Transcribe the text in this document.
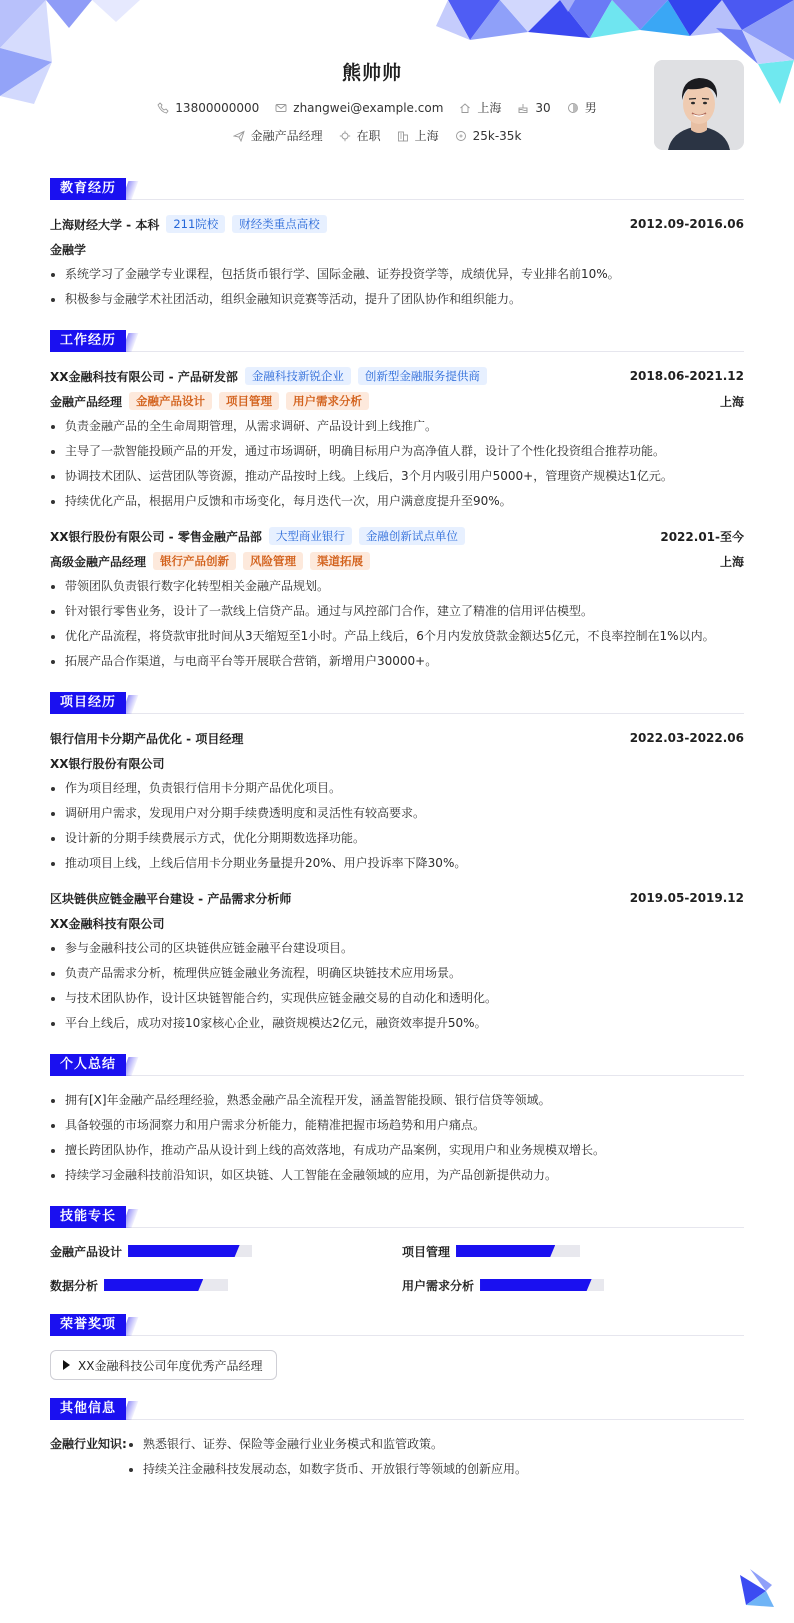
熊帅帅
13800000000	zhangwei@example.com	上海	30	男
金融产品经理	在职	上海	25k-35k
教育经历
上海财经大学 - 本科	211院校	财经类重点高校	2012.09-2016.06
金融学
系统学习了金融学专业课程，包括货币银行学、国际金融、证券投资学等，成绩优异，专业排名前10%。
积极参与金融学术社团活动，组织金融知识竞赛等活动，提升了团队协作和组织能力。
工作经历
XX金融科技有限公司 - 产品研发部	金融科技新锐企业	创新型金融服务提供商	2018.06-2021.12
金融产品经理	金融产品设计	项目管理	用户需求分析	上海
负责金融产品的全生命周期管理，从需求调研、产品设计到上线推广。
主导了一款智能投顾产品的开发，通过市场调研，明确目标用户为高净值人群，设计了个性化投资组合推荐功能。
协调技术团队、运营团队等资源，推动产品按时上线。上线后，3个月内吸引用户5000+，管理资产规模达1亿元。
持续优化产品，根据用户反馈和市场变化，每月迭代一次，用户满意度提升至90%。
XX银行股份有限公司 - 零售金融产品部	大型商业银行	金融创新试点单位	2022.01-至今
高级金融产品经理	银行产品创新	风险管理	渠道拓展	上海
带领团队负责银行数字化转型相关金融产品规划。
针对银行零售业务，设计了一款线上信贷产品。通过与风控部门合作，建立了精准的信用评估模型。
优化产品流程，将贷款审批时间从3天缩短至1小时。产品上线后，6个月内发放贷款金额达5亿元，不良率控制在1%以内。
拓展产品合作渠道，与电商平台等开展联合营销，新增用户30000+。
项目经历
银行信用卡分期产品优化 - 项目经理	2022.03-2022.06
XX银行股份有限公司
作为项目经理，负责银行信用卡分期产品优化项目。
调研用户需求，发现用户对分期手续费透明度和灵活性有较高要求。
设计新的分期手续费展示方式，优化分期期数选择功能。
推动项目上线，上线后信用卡分期业务量提升20%、用户投诉率下降30%。
区块链供应链金融平台建设 - 产品需求分析师	2019.05-2019.12
XX金融科技有限公司
参与金融科技公司的区块链供应链金融平台建设项目。
负责产品需求分析，梳理供应链金融业务流程，明确区块链技术应用场景。
与技术团队协作，设计区块链智能合约，实现供应链金融交易的自动化和透明化。
平台上线后，成功对接10家核心企业，融资规模达2亿元，融资效率提升50%。
个人总结
拥有[X]年金融产品经理经验，熟悉金融产品全流程开发，涵盖智能投顾、银行信贷等领域。
具备较强的市场洞察力和用户需求分析能力，能精准把握市场趋势和用户痛点。
擅长跨团队协作，推动产品从设计到上线的高效落地，有成功产品案例，实现用户和业务规模双增长。
持续学习金融科技前沿知识，如区块链、人工智能在金融领域的应用，为产品创新提供动力。
技能专长
金融产品设计	项目管理
数据分析	用户需求分析
荣誉奖项
XX金融科技公司年度优秀产品经理
其他信息
金融行业知识:	熟悉银行、证券、保险等金融行业业务模式和监管政策。
持续关注金融科技发展动态，如数字货币、开放银行等领域的创新应用。
